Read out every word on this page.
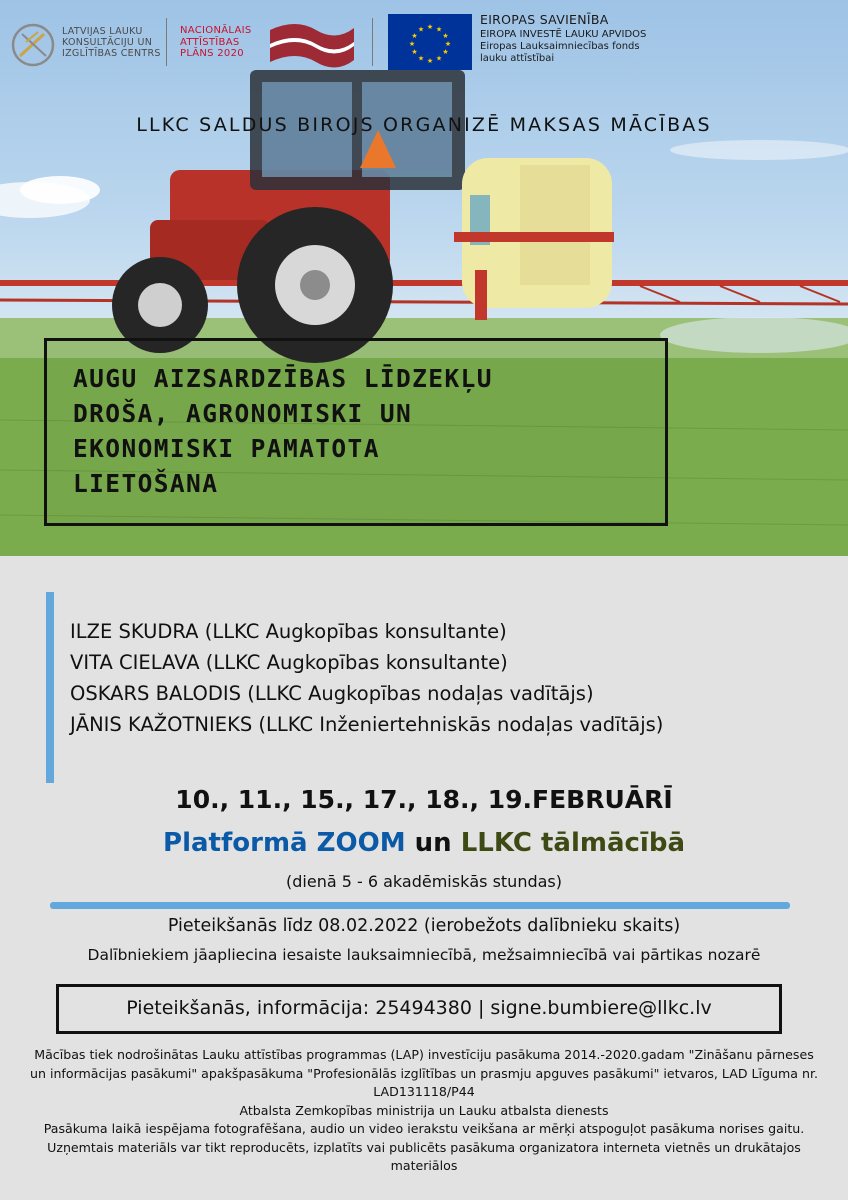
LATVIJAS LAUKU
KONSULTĀCIJU UN
IZGLĪTĪBAS CENTRS
NACIONĀLAIS
ATTĪSTĪBAS
PLĀNS 2020
★ ★
★
★
★
★
★
★
★
★
★
★
EIROPAS SAVIENĪBA
EIROPA INVESTĒ LAUKU APVIDOS
Eiropas Lauksaimniecības fonds
lauku attīstībai
LLKC SALDUS BIROJS ORGANIZĒ MAKSAS MĀCĪBAS
AUGU AIZSARDZĪBAS LĪDZEKĻU
DROŠA, AGRONOMISKI UN
EKONOMISKI PAMATOTA
LIETOŠANA
ILZE SKUDRA (LLKC Augkopības konsultante)
VITA CIELAVA (LLKC Augkopības konsultante)
OSKARS BALODIS (LLKC Augkopības nodaļas vadītājs)
JĀNIS KAŽOTNIEKS (LLKC Inženiertehniskās nodaļas vadītājs)
10., 11., 15., 17., 18., 19.FEBRUĀRĪ
Platformā ZOOM un LLKC tālmācībā
(dienā 5 - 6 akadēmiskās stundas)
Pieteikšanās līdz 08.02.2022 (ierobežots dalībnieku skaits)
Dalībniekiem jāapliecina iesaiste lauksaimniecībā, mežsaimniecībā vai pārtikas nozarē
Pieteikšanās, informācija: 25494380 | signe.bumbiere@llkc.lv

Mācības tiek nodrošinātas Lauku attīstības programmas (LAP) investīciju pasākuma 2014.-2020.gadam "Zināšanu pārneses

un informācijas pasākumi" apakšpasākuma "Profesionālās izglītības un prasmju apguves pasākumi" ietvaros, LAD Līguma nr.

LAD131118/P44

Atbalsta Zemkopības ministrija un Lauku atbalsta dienests

Pasākuma laikā iespējama fotografēšana, audio un video ierakstu veikšana ar mērķi atspoguļot pasākuma norises gaitu.

Uzņemtais materiāls var tikt reproducēts, izplatīts vai publicēts pasākuma organizatora interneta vietnēs un drukātajos

materiālos
